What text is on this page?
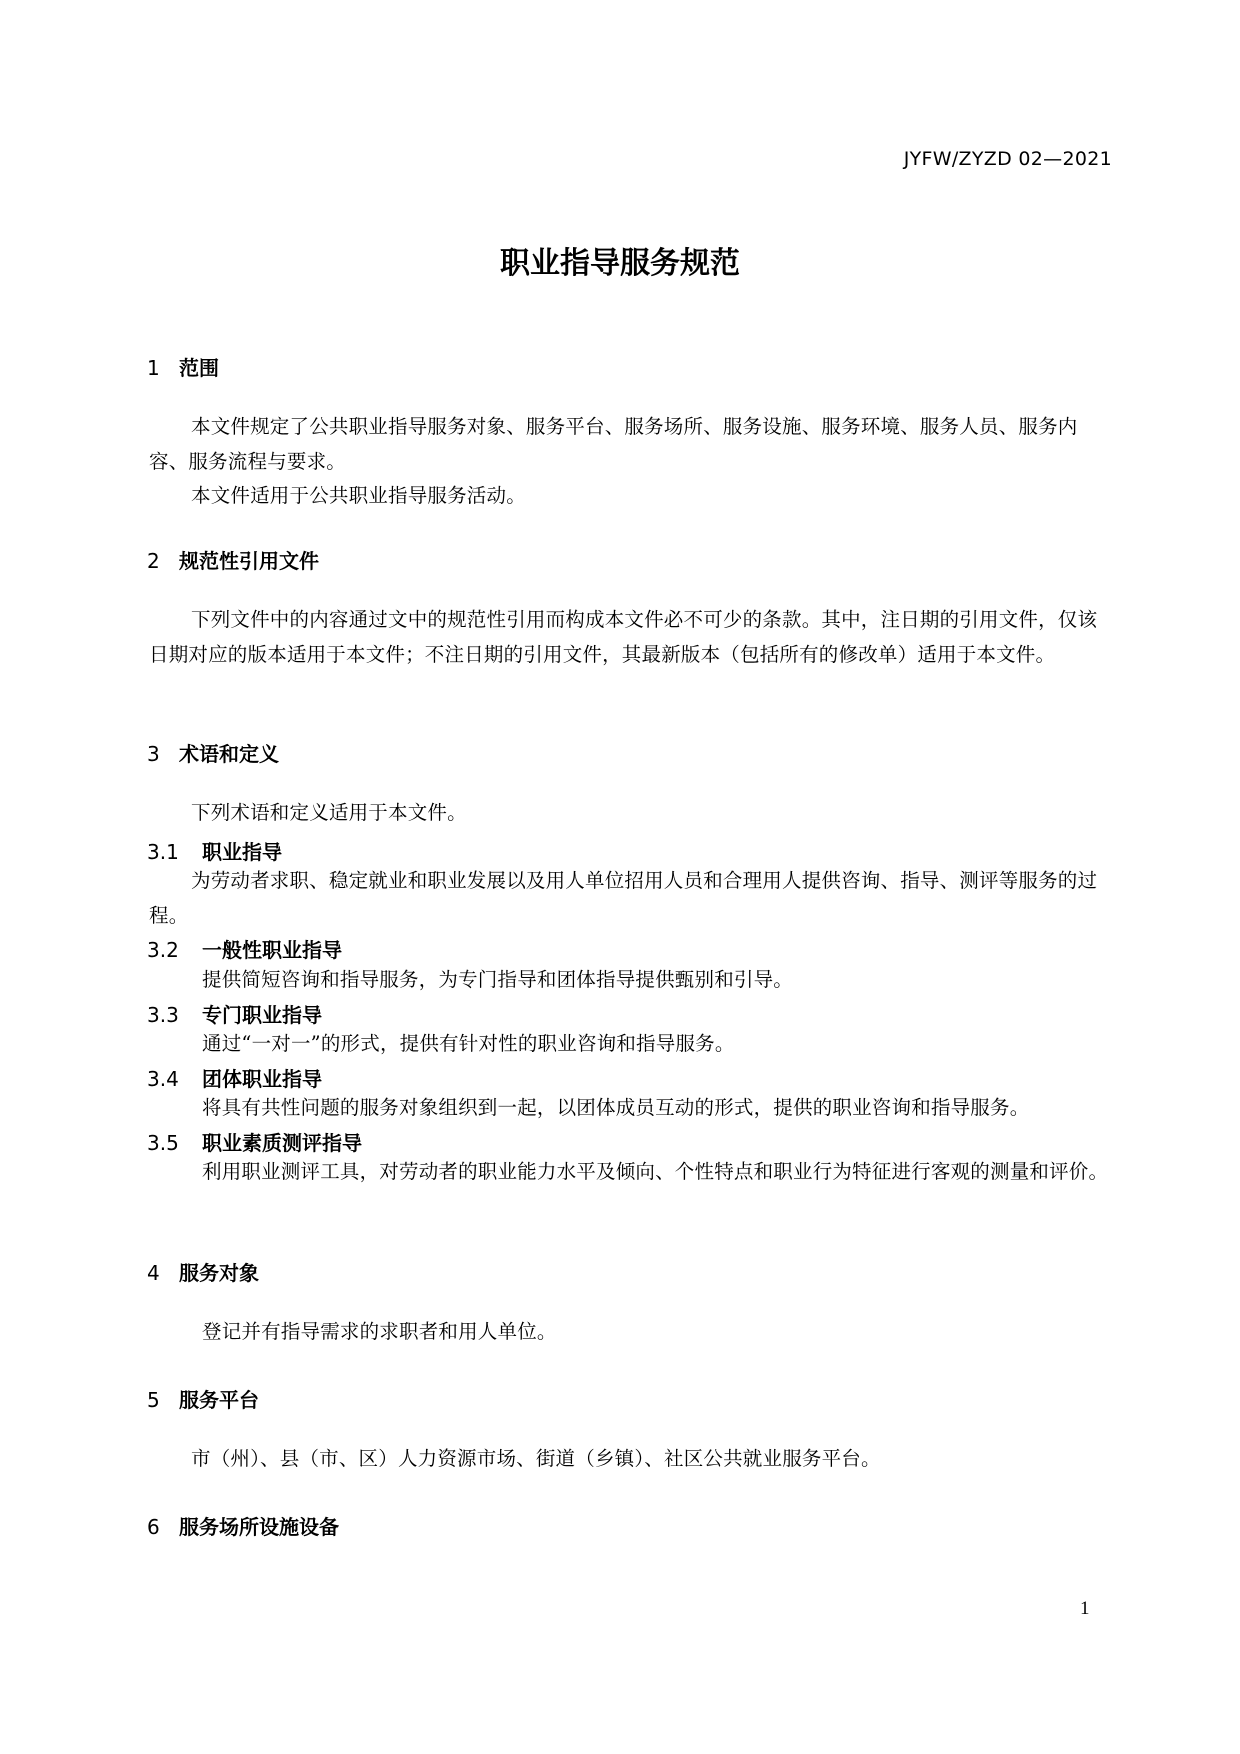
JYFW/ZYZD 02—2021
职业指导服务规范
1 范围
本文件规定了公共职业指导服务对象、服务平台、服务场所、服务设施、服务环境、服务人员、服务内容、服务流程与要求。
本文件适用于公共职业指导服务活动。
2 规范性引用文件
下列文件中的内容通过文中的规范性引用而构成本文件必不可少的条款。其中，注日期的引用文件，仅该日期对应的版本适用于本文件；不注日期的引用文件，其最新版本（包括所有的修改单）适用于本文件。
3 术语和定义
下列术语和定义适用于本文件。
3.1 职业指导
为劳动者求职、稳定就业和职业发展以及用人单位招用人员和合理用人提供咨询、指导、测评等服务的过程。
3.2 一般性职业指导
提供简短咨询和指导服务，为专门指导和团体指导提供甄别和引导。
3.3 专门职业指导
通过“一对一”的形式，提供有针对性的职业咨询和指导服务。
3.4 团体职业指导
将具有共性问题的服务对象组织到一起，以团体成员互动的形式，提供的职业咨询和指导服务。
3.5 职业素质测评指导
利用职业测评工具，对劳动者的职业能力水平及倾向、个性特点和职业行为特征进行客观的测量和评价。
4 服务对象
登记并有指导需求的求职者和用人单位。
5 服务平台
市（州）、县（市、区）人力资源市场、街道（乡镇）、社区公共就业服务平台。
6 服务场所设施设备
1
